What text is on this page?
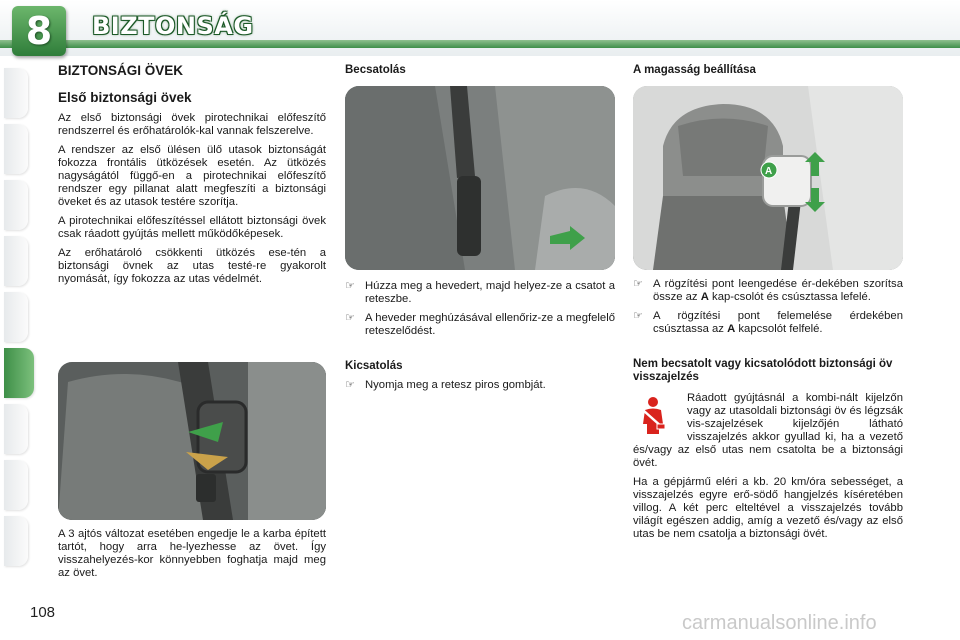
8 BIZTONSÁG
BIZTONSÁGI ÖVEK
Első biztonsági övek

Az első biztonsági övek pirotechnikai előfeszítő rendszerrel és erőhatárolók-kal vannak felszerelve.

A rendszer az első ülésen ülő utasok biztonságát fokozza frontális ütközések esetén. Az ütközés nagyságától függő-en a pirotechnikai előfeszítő rendszer egy pillanat alatt megfeszíti a biztonsági öveket és az utasok testére szorítja.

A pirotechnikai előfeszítéssel ellátott biztonsági övek csak ráadott gyújtás mellett működőképesek.

Az erőhatároló csökkenti ütközés ese-tén a biztonsági övnek az utas testé-re gyakorolt nyomását, így fokozza az utas védelmét.

A 3 ajtós változat esetében engedje le a karba épített tartót, hogy arra he-lyezhesse az övet. Így visszahelyezés-kor könnyebben foghatja majd meg az övet.

Becsatolás
☞ Húzza meg a hevedert, majd helyez-ze a csatot a reteszbe.
☞ A heveder meghúzásával ellenőriz-ze a megfelelő reteszelődést.
Kicsatolás
☞ Nyomja meg a retesz piros gombját.
A magasság beállítása
A
☞ A rögzítési pont leengedése ér-dekében szorítsa össze az A kap-csolót és csúsztassa lefelé.
☞ A rögzítési pont felemelése érdekében csúsztassa az A kapcsolót felfelé.
Nem becsatolt vagy kicsatolódott biztonsági öv visszajelzés

Ráadott gyújtásnál a kombi-nált kijelzőn vagy az utasoldali biztonsági öv és légzsák vis-szajelzések kijelzőjén látható visszajelzés akkor gyullad ki, ha a vezető és/vagy az első utas nem csatolta be a biztonsági övét.

Ha a gépjármű eléri a kb. 20 km/óra sebességet, a visszajelzés egyre erő-södő hangjelzés kíséretében villog. A két perc elteltével a visszajelzés tovább világít egészen addig, amíg a vezető és/vagy az első utas be nem csatolja a biztonsági övét.

108	carmanualsonline.info
